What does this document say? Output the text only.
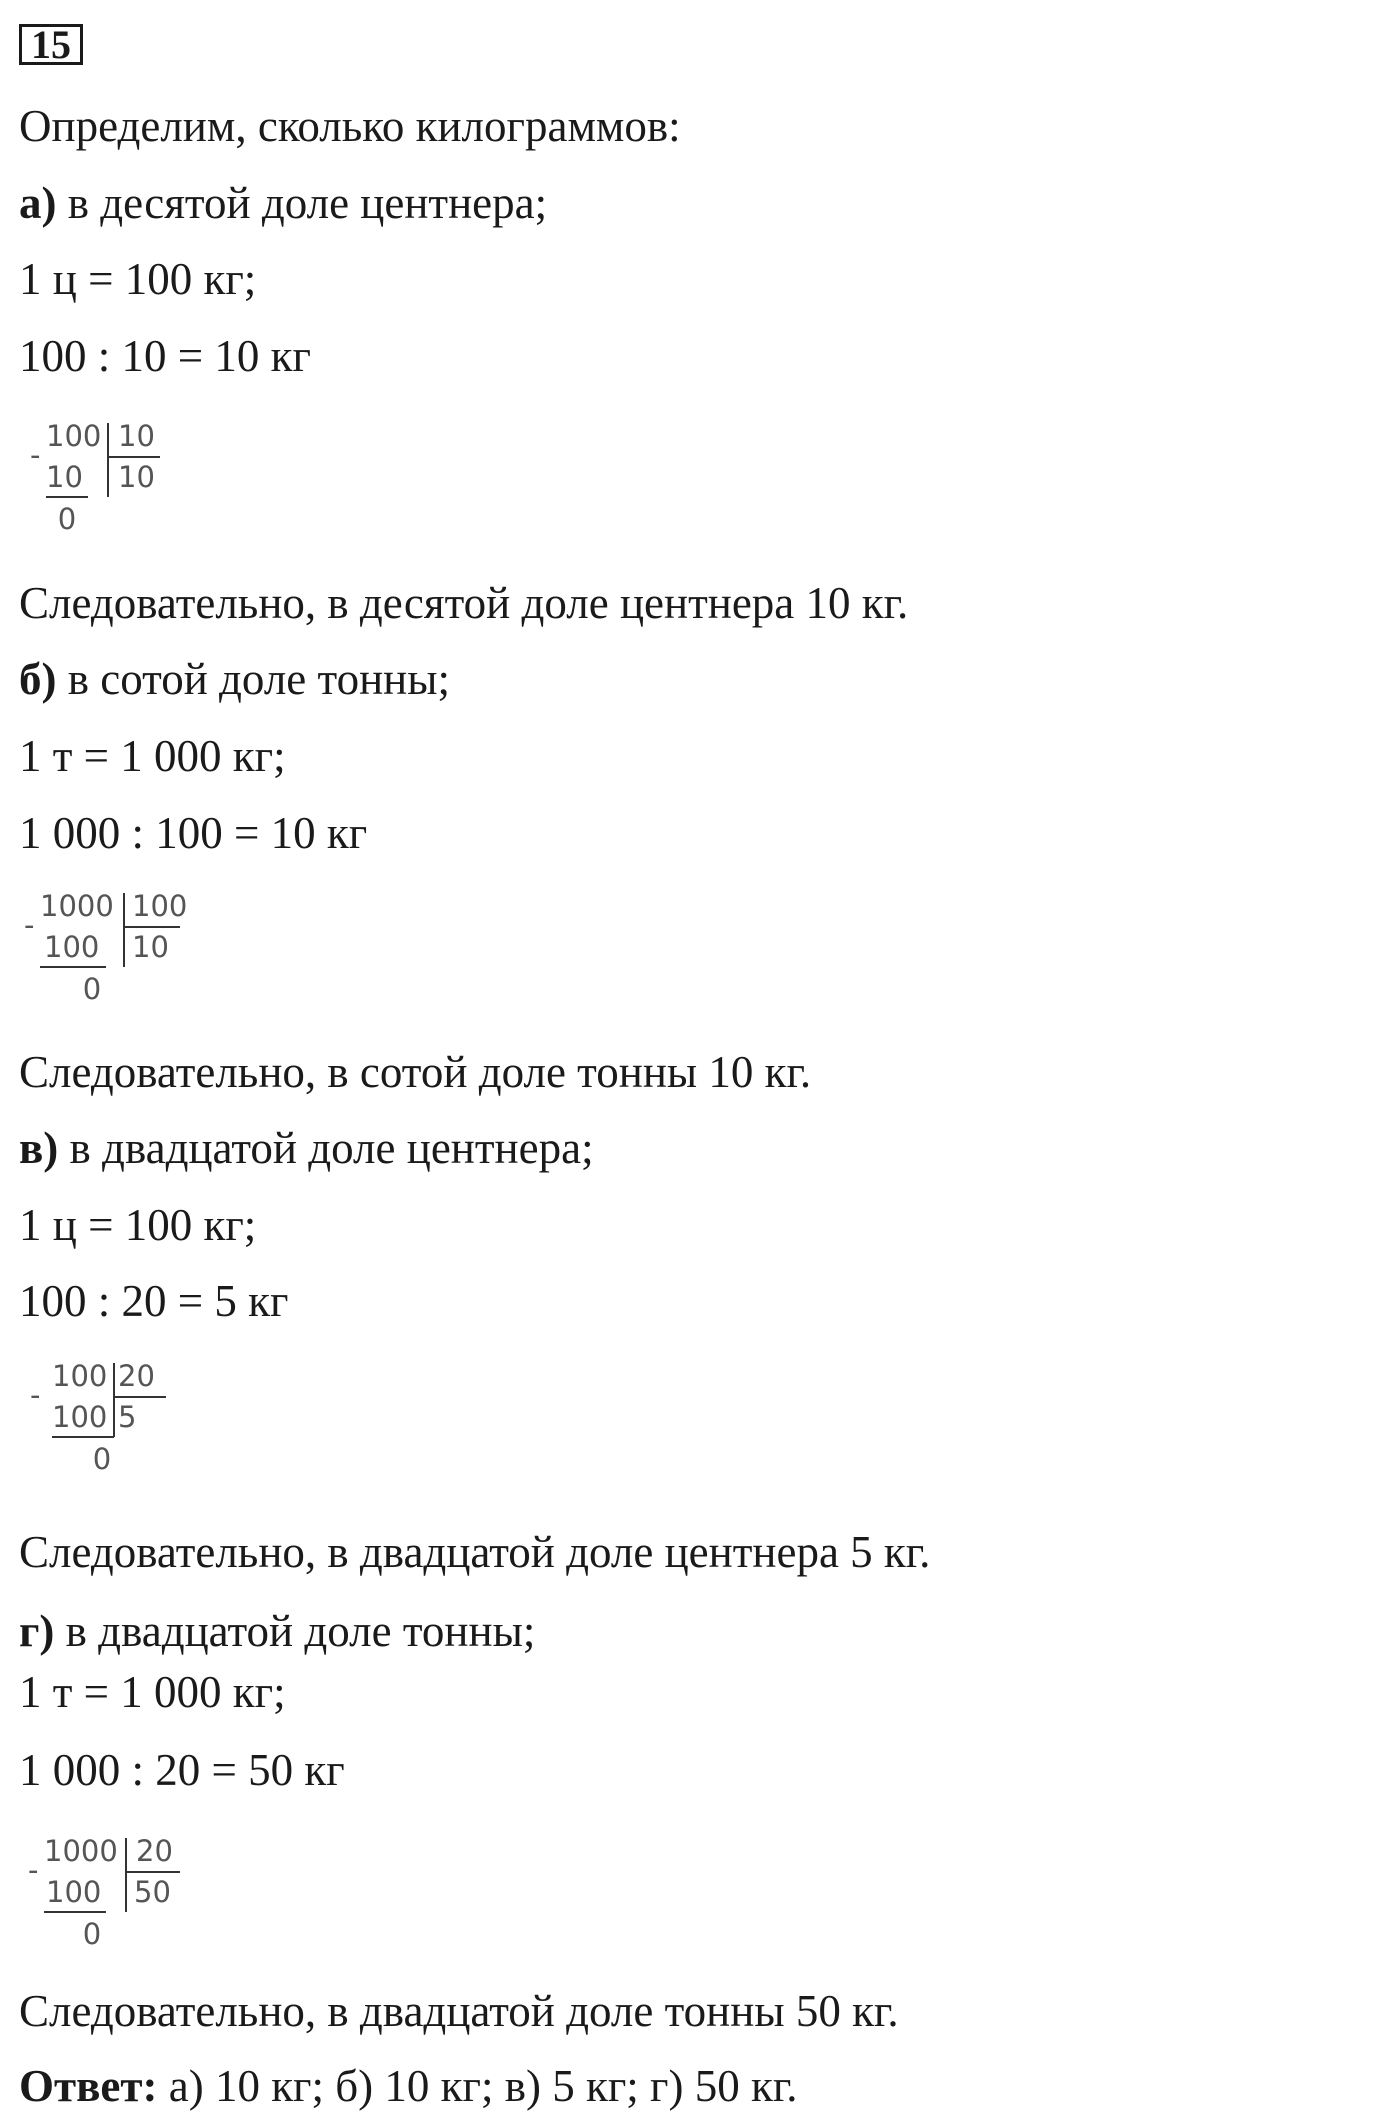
15
Определим, сколько килограммов:
а) в десятой доле центнера;
1 ц = 100 кг;
100 : 10 = 10 кг
-
100 10
10 10
0
Следовательно, в десятой доле центнера 10 кг.
б) в сотой доле тонны;
1 т = 1 000 кг;
1 000 : 100 = 10 кг
-
1000 100
100 10
0
Следовательно, в сотой доле тонны 10 кг.
в) в двадцатой доле центнера;
1 ц = 100 кг;
100 : 20 = 5 кг
-
100 20
100 5
0
Следовательно, в двадцатой доле центнера 5 кг.
г) в двадцатой доле тонны;
1 т = 1 000 кг;
1 000 : 20 = 50 кг
-
1000 20
100 50
0
Следовательно, в двадцатой доле тонны 50 кг.
Ответ: а) 10 кг; б) 10 кг; в) 5 кг; г) 50 кг.
